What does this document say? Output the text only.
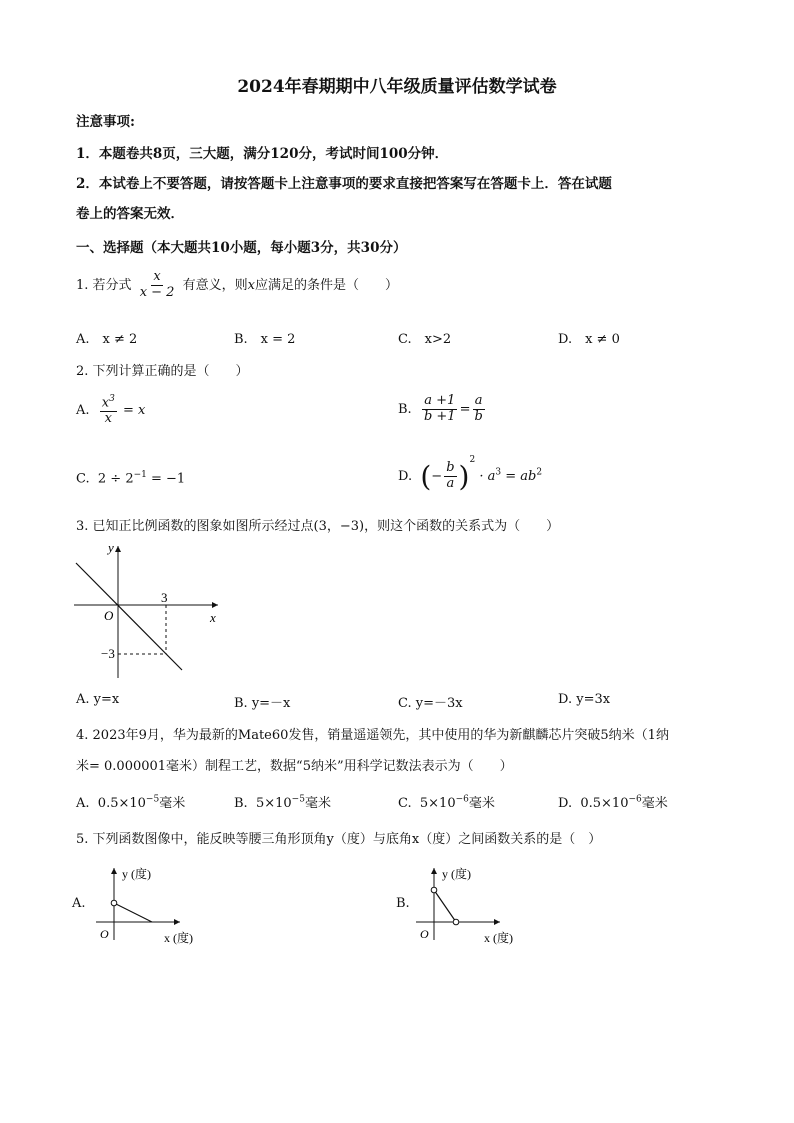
2024年春期期中八年级质量评估数学试卷
注意事项:
1．本题卷共8页，三大题，满分120分，考试时间100分钟．
2．本试卷上不要答题，请按答题卡上注意事项的要求直接把答案写在答题卡上．答在试题
卷上的答案无效．
一、选择题（本大题共10小题，每小题3分，共30分）
1. 若分式 $\frac{x}{x - 2}$ 有意义，则x应满足的条件是（　　）
A.　x ≠ 2	B.　x = 2	C.　x>2	D.　x ≠ 0
2. 下列计算正确的是（　　）
A. $\frac{x^3}{x} = x$	B. $\frac{a +1}{b +1} = \frac{a}{b}$
C. $2 \div 2^{-1} = -1$	D. (− $\frac{b}{a} )^2 \cdot a^3 = ab^2$
3. 已知正比例函数的图象如图所示经过点(3，−3)，则这个函数的关系式为（　　）
y
x
O
3
−3
A. y=x	B. y=－x	C. y=－3x	D. y=3x
4. 2023年9月，华为最新的Mate60发售，销量遥遥领先，其中使用的华为新麒麟芯片突破5纳米（1纳
米= 0.000001毫米）制程工艺，数据“5纳米”用科学记数法表示为（　　）
A. $0.5\times 10^{-5}$毫米	B. $5\times 10^{-5}$毫米	C. $5\times 10^{-6}$毫米	D. $0.5\times 10^{-6}$毫米
5. 下列函数图像中，能反映等腰三角形顶角y（度）与底角x（度）之间函数关系的是（　）
A.
y (度)
x (度)
O
B.
y (度)
x (度)
O
